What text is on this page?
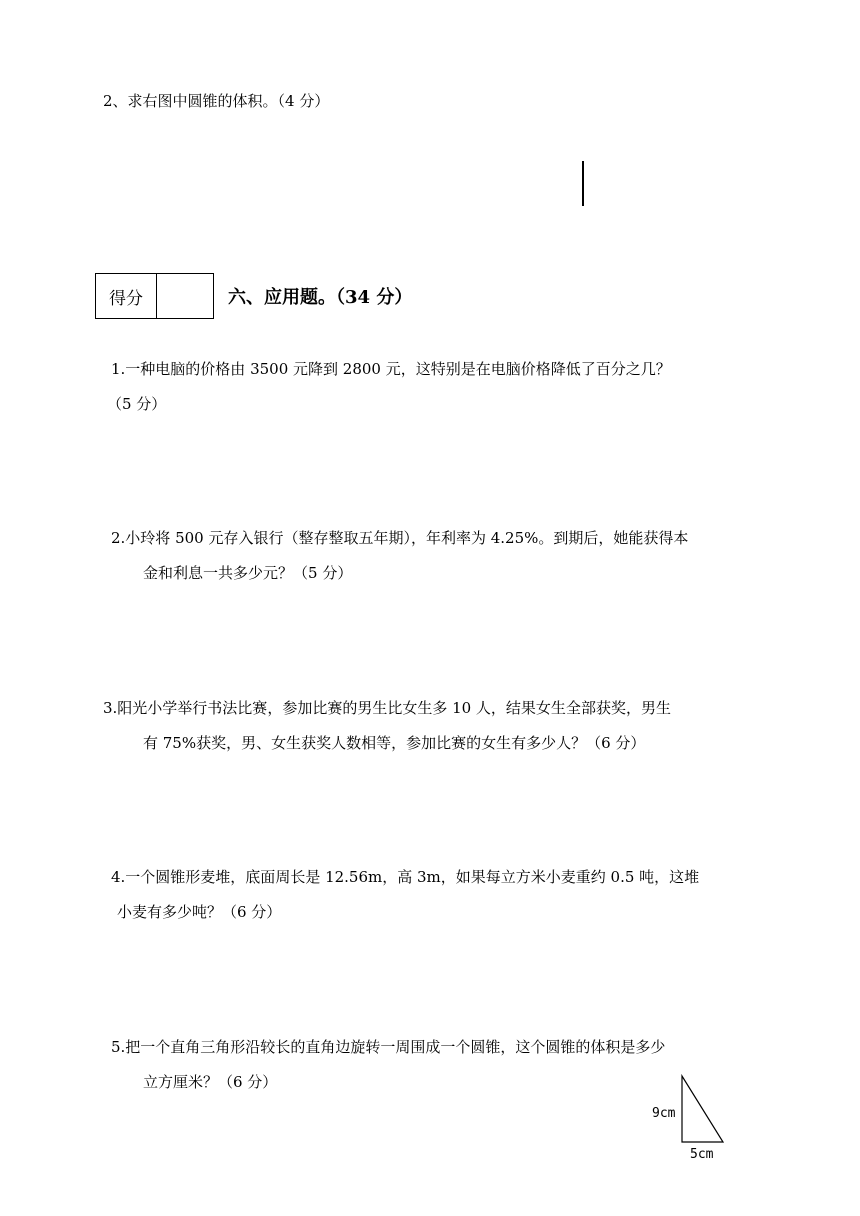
2、求右图中圆锥的体积。（4 分）
得分	六、应用题。（34 分）
1.一种电脑的价格由 3500 元降到 2800 元，这特别是在电脑价格降低了百分之几？
（5 分）
2.小玲将 500 元存入银行（整存整取五年期），年利率为 4.25%。到期后，她能获得本
金和利息一共多少元？（5 分）
3.阳光小学举行书法比赛，参加比赛的男生比女生多 10 人，结果女生全部获奖，男生
有 75%获奖，男、女生获奖人数相等，参加比赛的女生有多少人？（6 分）
4.一个圆锥形麦堆，底面周长是 12.56m，高 3m，如果每立方米小麦重约 0.5 吨，这堆
小麦有多少吨？（6 分）
5.把一个直角三角形沿较长的直角边旋转一周围成一个圆锥，这个圆锥的体积是多少
立方厘米？（6 分）
9cm
5cm
